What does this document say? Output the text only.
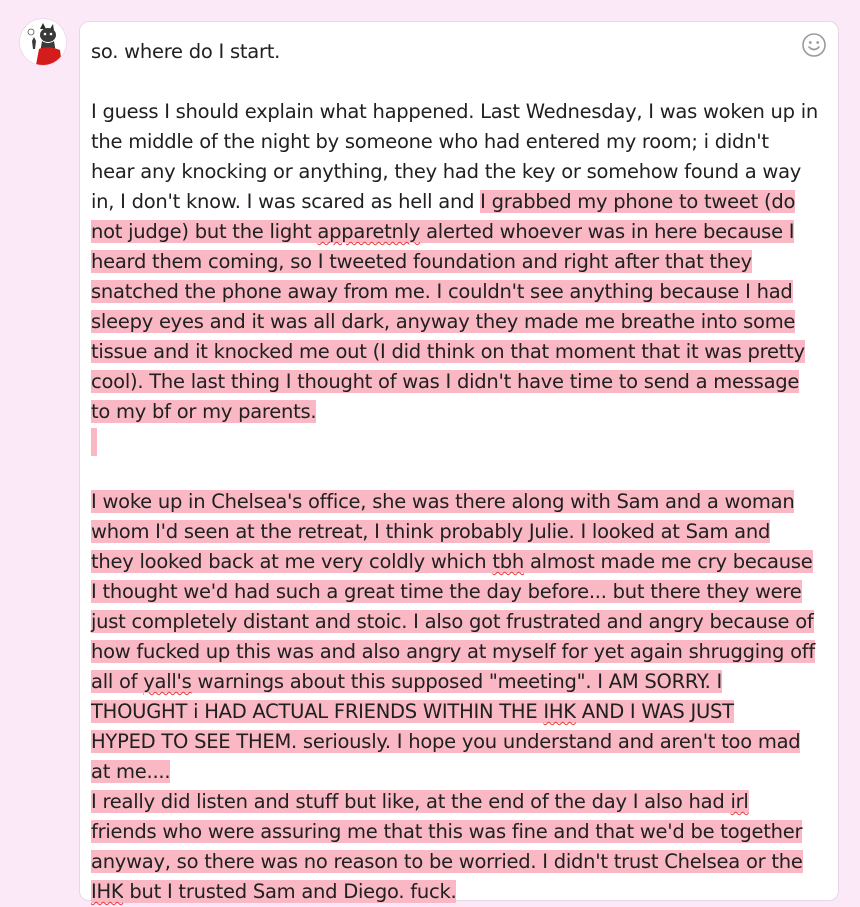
so. where do I start.
I guess I should explain what happened. Last Wednesday, I was woken up in
the middle of the night by someone who had entered my room; i didn't
hear any knocking or anything, they had the key or somehow found a way
in, I don't know. I was scared as hell and I grabbed my phone to tweet (do
not judge) but the light apparetnly alerted whoever was in here because I
heard them coming, so I tweeted foundation and right after that they
snatched the phone away from me. I couldn't see anything because I had
sleepy eyes and it was all dark, anyway they made me breathe into some
tissue and it knocked me out (I did think on that moment that it was pretty
cool). The last thing I thought of was I didn't have time to send a message
to my bf or my parents.
I woke up in Chelsea's office, she was there along with Sam and a woman
whom I'd seen at the retreat, I think probably Julie. I looked at Sam and
they looked back at me very coldly which tbh almost made me cry because
I thought we'd had such a great time the day before... but there they were
just completely distant and stoic. I also got frustrated and angry because of
how fucked up this was and also angry at myself for yet again shrugging off
all of yall's warnings about this supposed "meeting". I AM SORRY. I
THOUGHT i HAD ACTUAL FRIENDS WITHIN THE IHK AND I WAS JUST
HYPED TO SEE THEM. seriously. I hope you understand and aren't too mad
at me....
I really did listen and stuff but like, at the end of the day I also had irl
friends who were assuring me that this was fine and that we'd be together
anyway, so there was no reason to be worried. I didn't trust Chelsea or the
IHK but I trusted Sam and Diego. fuck.
